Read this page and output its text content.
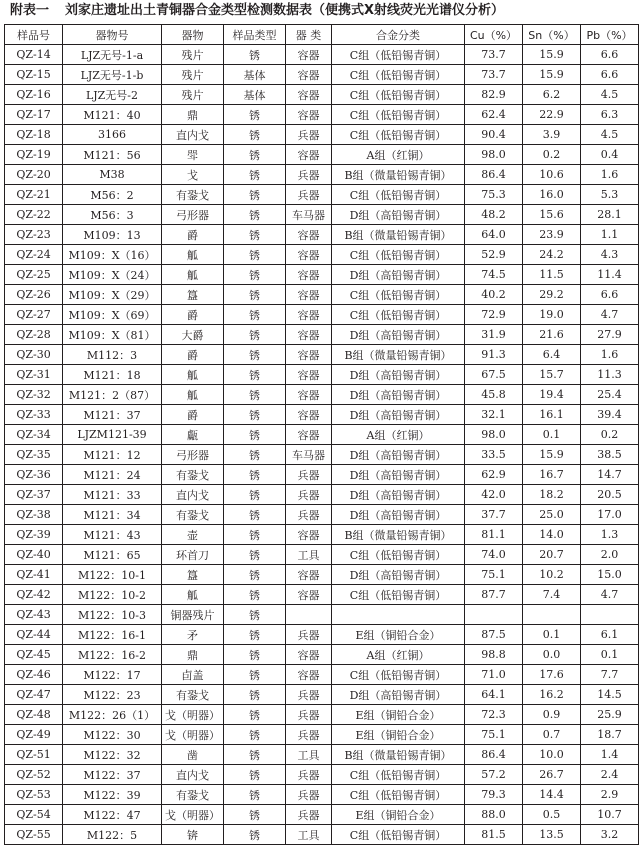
附表一 刘家庄遗址出土青铜器合金类型检测数据表（便携式X射线荧光光谱仪分析）
样品号	器物号	器物	样品类型	器 类	合金分类	Cu（%）	Sn（%）	Pb（%）
QZ-14	LJZ无号-1-a	残片	锈	容器	C组（低铅锡青铜）	73.7	15.9	6.6
QZ-15	LJZ无号-1-b	残片	基体	容器	C组（低铅锡青铜）	73.7	15.9	6.6
QZ-16	LJZ无号-2	残片	基体	容器	C组（低铅锡青铜）	82.9	6.2	4.5
QZ-17	M121：40	鼎	锈	容器	C组（低铅锡青铜）	62.4	22.9	6.3
QZ-18	3166	直内戈	锈	兵器	C组（低铅锡青铜）	90.4	3.9	4.5
QZ-19	M121：56	斝	锈	容器	A组（红铜）	98.0	0.2	0.4
QZ-20	M38	戈	锈	兵器	B组（微量铅锡青铜）	86.4	10.6	1.6
QZ-21	M56：2	有銎戈	锈	兵器	C组（低铅锡青铜）	75.3	16.0	5.3
QZ-22	M56：3	弓形器	锈	车马器	D组（高铅锡青铜）	48.2	15.6	28.1
QZ-23	M109：13	爵	锈	容器	B组（微量铅锡青铜）	64.0	23.9	1.1
QZ-24	M109：X（16）	觚	锈	容器	C组（低铅锡青铜）	52.9	24.2	4.3
QZ-25	M109：X（24）	觚	锈	容器	D组（高铅锡青铜）	74.5	11.5	11.4
QZ-26	M109：X（29）	簋	锈	容器	C组（低铅锡青铜）	40.2	29.2	6.6
QZ-27	M109：X（69）	爵	锈	容器	C组（低铅锡青铜）	72.9	19.0	4.7
QZ-28	M109：X（81）	大爵	锈	容器	D组（高铅锡青铜）	31.9	21.6	27.9
QZ-30	M112：3	爵	锈	容器	B组（微量铅锡青铜）	91.3	6.4	1.6
QZ-31	M121：18	觚	锈	容器	D组（高铅锡青铜）	67.5	15.7	11.3
QZ-32	M121：2（87）	觚	锈	容器	D组（高铅锡青铜）	45.8	19.4	25.4
QZ-33	M121：37	爵	锈	容器	D组（高铅锡青铜）	32.1	16.1	39.4
QZ-34	LJZM121-39	甗	锈	容器	A组（红铜）	98.0	0.1	0.2
QZ-35	M121：12	弓形器	锈	车马器	D组（高铅锡青铜）	33.5	15.9	38.5
QZ-36	M121：24	有銎戈	锈	兵器	D组（高铅锡青铜）	62.9	16.7	14.7
QZ-37	M121：33	直内戈	锈	兵器	D组（高铅锡青铜）	42.0	18.2	20.5
QZ-38	M121：34	有銎戈	锈	兵器	D组（高铅锡青铜）	37.7	25.0	17.0
QZ-39	M121：43	壶	锈	容器	B组（微量铅锡青铜）	81.1	14.0	1.3
QZ-40	M121：65	环首刀	锈	工具	C组（低铅锡青铜）	74.0	20.7	2.0
QZ-41	M122：10-1	簋	锈	容器	D组（高铅锡青铜）	75.1	10.2	15.0
QZ-42	M122：10-2	觚	锈	容器	C组（低铅锡青铜）	87.7	7.4	4.7
QZ-43	M122：10-3	铜器残片	锈					
QZ-44	M122：16-1	矛	锈	兵器	E组（铜铅合金）	87.5	0.1	6.1
QZ-45	M122：16-2	鼎	锈	容器	A组（红铜）	98.8	0.0	0.1
QZ-46	M122：17	卣盖	锈	容器	C组（低铅锡青铜）	71.0	17.6	7.7
QZ-47	M122：23	有銎戈	锈	兵器	D组（高铅锡青铜）	64.1	16.2	14.5
QZ-48	M122：26（1）	戈（明器）	锈	兵器	E组（铜铅合金）	72.3	0.9	25.9
QZ-49	M122：30	戈（明器）	锈	兵器	E组（铜铅合金）	75.1	0.7	18.7
QZ-51	M122：32	凿	锈	工具	B组（微量铅锡青铜）	86.4	10.0	1.4
QZ-52	M122：37	直内戈	锈	兵器	C组（低铅锡青铜）	57.2	26.7	2.4
QZ-53	M122：39	有銎戈	锈	兵器	C组（低铅锡青铜）	79.3	14.4	2.9
QZ-54	M122：47	戈（明器）	锈	兵器	E组（铜铅合金）	88.0	0.5	10.7
QZ-55	M122：5	锛	锈	工具	C组（低铅锡青铜）	81.5	13.5	3.2
